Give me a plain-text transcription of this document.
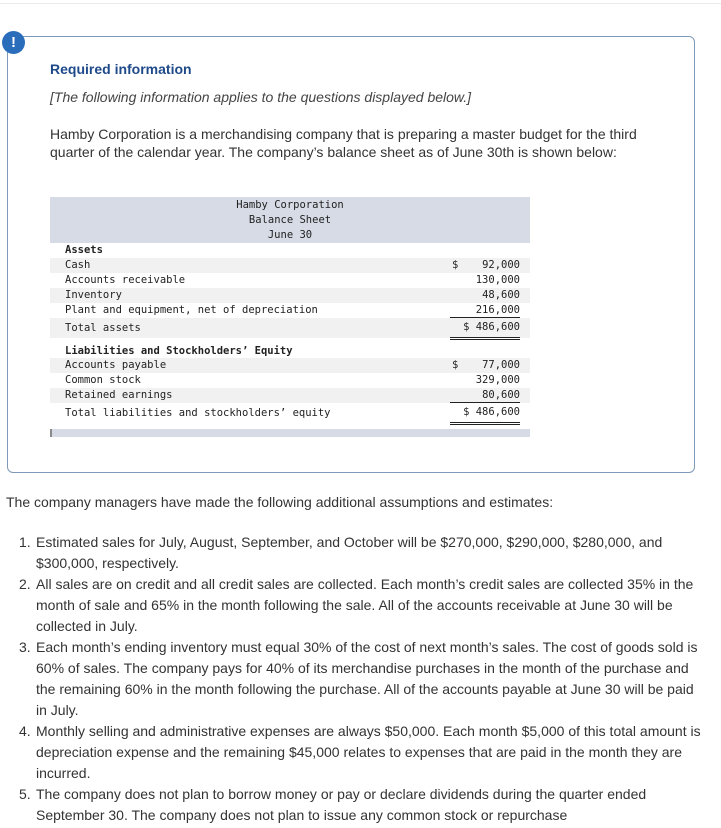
!
Required information
[The following information applies to the questions displayed below.]
Hamby Corporation is a merchandising company that is preparing a master budget for the third quarter of the calendar year. The company’s balance sheet as of June 30th is shown below:
Hamby Corporation
Balance Sheet
June 30
Assets
Cash	$	92,000
Accounts receivable	130,000
Inventory	48,600
Plant and equipment, net of depreciation	216,000
Total assets	$ 486,600
Liabilities and Stockholders’ Equity
Accounts payable	$	77,000
Common stock	329,000
Retained earnings	80,600
Total liabilities and stockholders’ equity	$ 486,600
The company managers have made the following additional assumptions and estimates:
1. Estimated sales for July, August, September, and October will be $270,000, $290,000, $280,000, and $300,000, respectively.
2. All sales are on credit and all credit sales are collected. Each month’s credit sales are collected 35% in the month of sale and 65% in the month following the sale. All of the accounts receivable at June 30 will be collected in July.
3. Each month’s ending inventory must equal 30% of the cost of next month’s sales. The cost of goods sold is 60% of sales. The company pays for 40% of its merchandise purchases in the month of the purchase and the remaining 60% in the month following the purchase. All of the accounts payable at June 30 will be paid in July.
4. Monthly selling and administrative expenses are always $50,000. Each month $5,000 of this total amount is depreciation expense and the remaining $45,000 relates to expenses that are paid in the month they are incurred.
5. The company does not plan to borrow money or pay or declare dividends during the quarter ended September 30. The company does not plan to issue any common stock or repurchase
